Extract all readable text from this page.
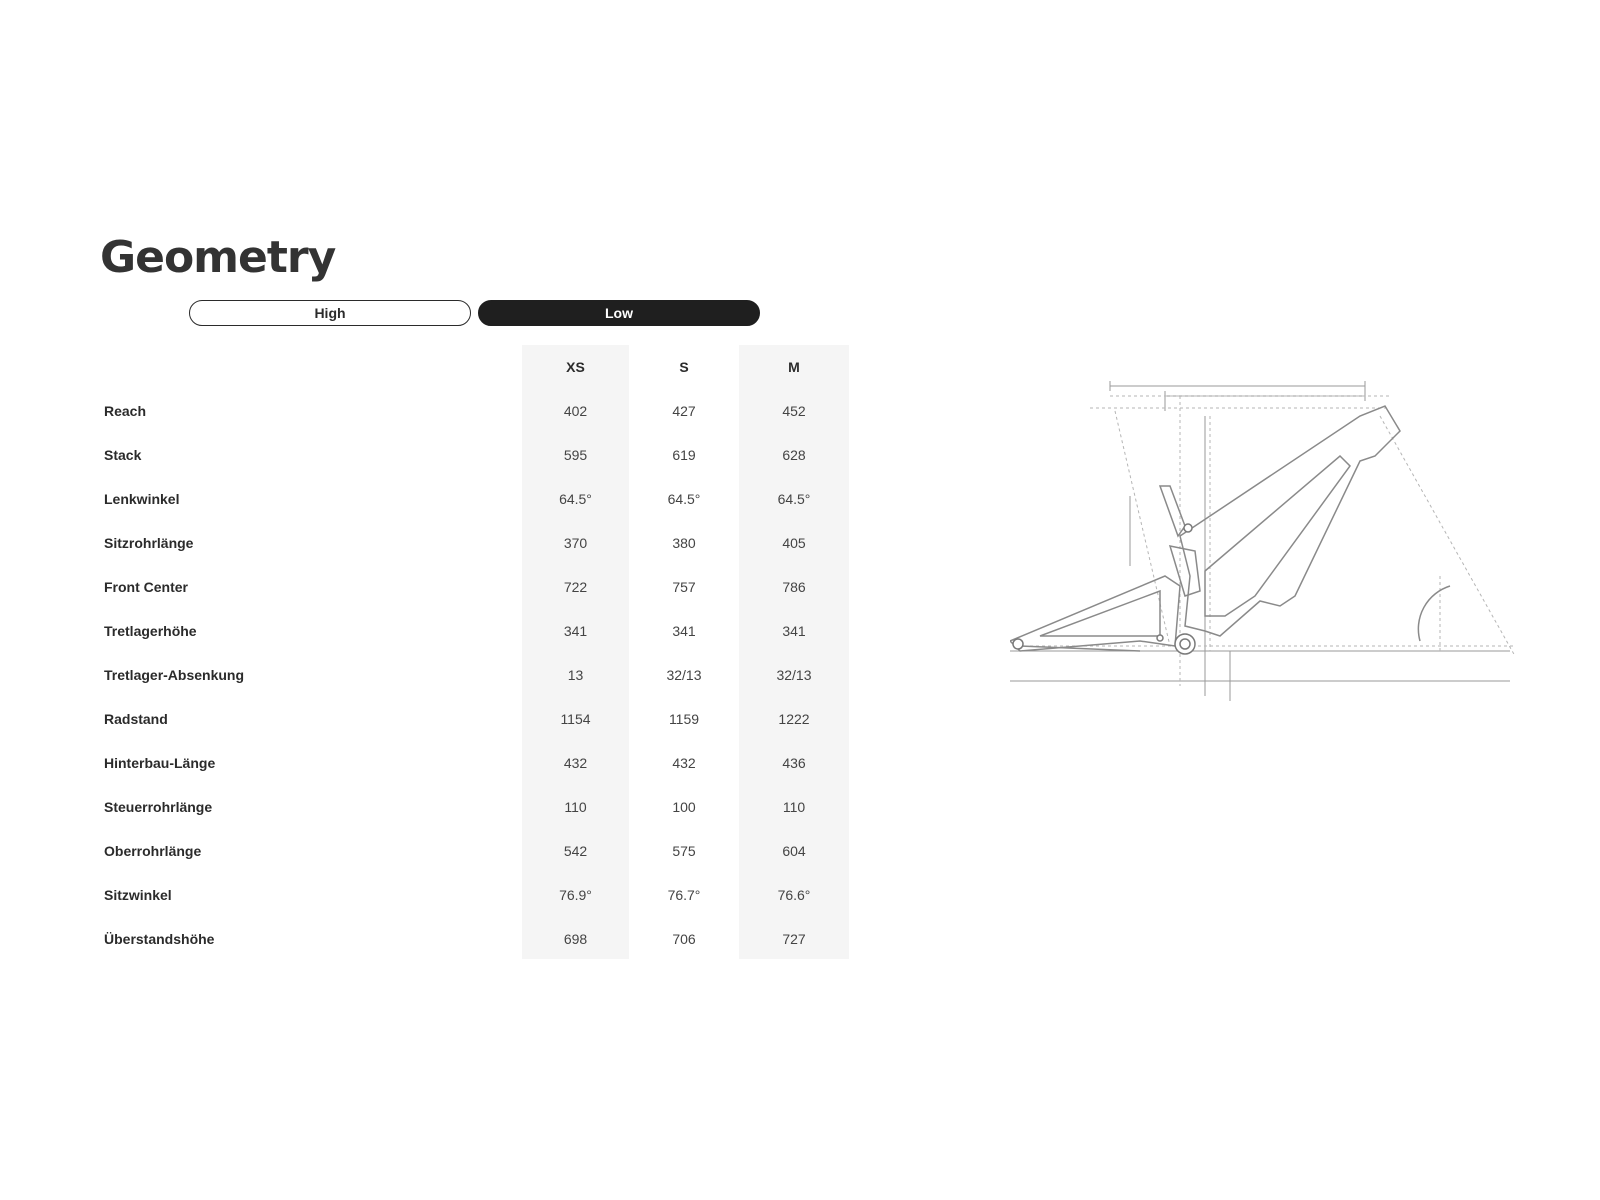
Geometry
High	Low
	XS	S	M
Reach	402	427	452
Stack	595	619	628
Lenkwinkel	64.5°	64.5°	64.5°
Sitzrohrlänge	370	380	405
Front Center	722	757	786
Tretlagerhöhe	341	341	341
Tretlager-Absenkung	13	32/13	32/13
Radstand	1154	1159	1222
Hinterbau-Länge	432	432	436
Steuerrohrlänge	110	100	110
Oberrohrlänge	542	575	604
Sitzwinkel	76.9°	76.7°	76.6°
Überstandshöhe	698	706	727
